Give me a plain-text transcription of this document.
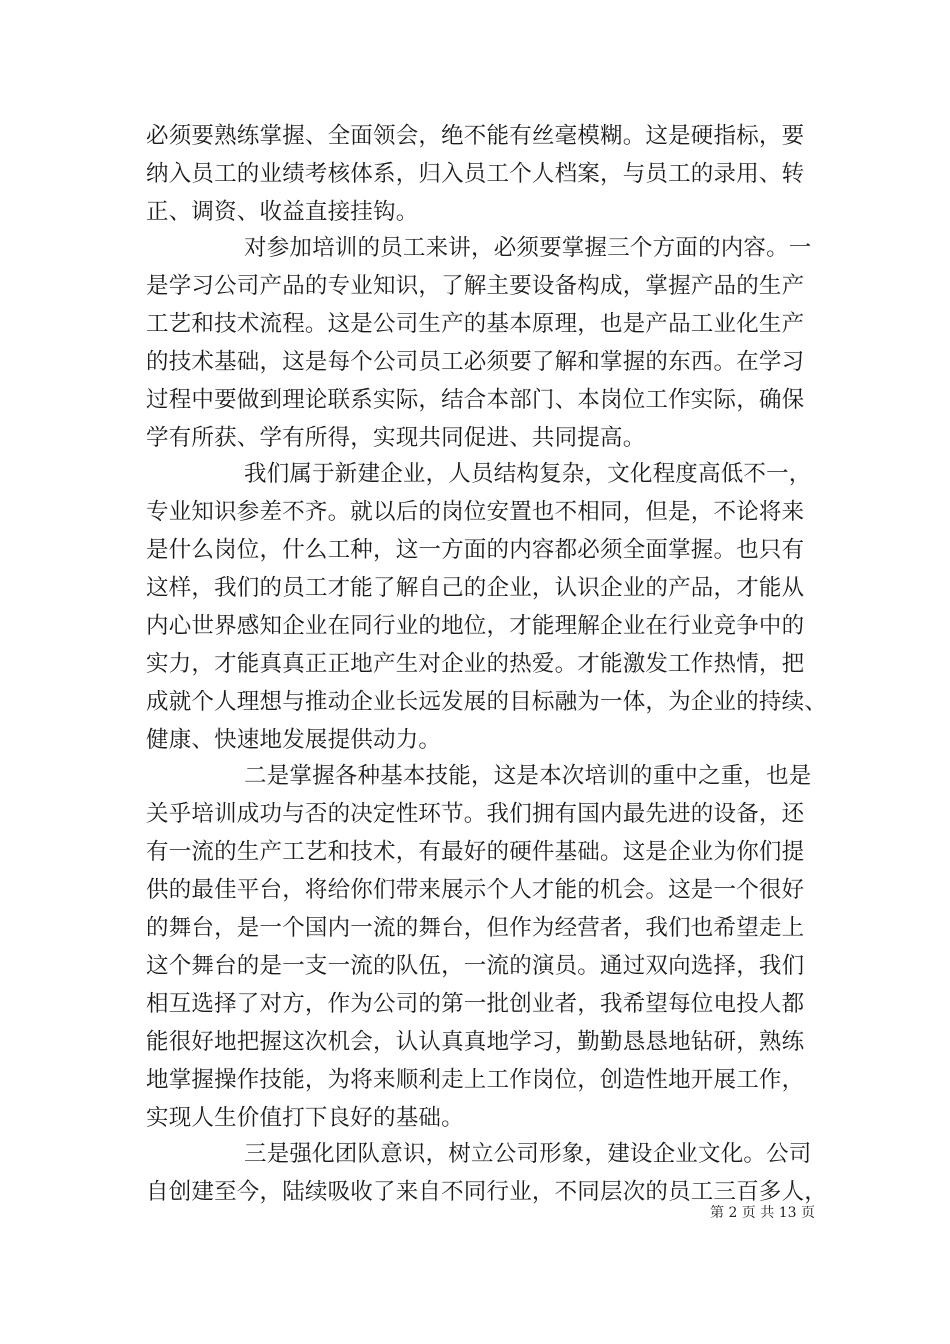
必须要熟练掌握、全面领会，绝不能有丝毫模糊。这是硬指标，要
纳入员工的业绩考核体系，归入员工个人档案，与员工的录用、转
正、调资、收益直接挂钩。
对参加培训的员工来讲，必须要掌握三个方面的内容。一
是学习公司产品的专业知识，了解主要设备构成，掌握产品的生产
工艺和技术流程。这是公司生产的基本原理，也是产品工业化生产
的技术基础，这是每个公司员工必须要了解和掌握的东西。在学习
过程中要做到理论联系实际，结合本部门、本岗位工作实际，确保
学有所获、学有所得，实现共同促进、共同提高。
我们属于新建企业，人员结构复杂，文化程度高低不一，
专业知识参差不齐。就以后的岗位安置也不相同，但是，不论将来
是什么岗位，什么工种，这一方面的内容都必须全面掌握。也只有
这样，我们的员工才能了解自己的企业，认识企业的产品，才能从
内心世界感知企业在同行业的地位，才能理解企业在行业竞争中的
实力，才能真真正正地产生对企业的热爱。才能激发工作热情，把
成就个人理想与推动企业长远发展的目标融为一体，为企业的持续、
健康、快速地发展提供动力。
二是掌握各种基本技能，这是本次培训的重中之重，也是
关乎培训成功与否的决定性环节。我们拥有国内最先进的设备，还
有一流的生产工艺和技术，有最好的硬件基础。这是企业为你们提
供的最佳平台，将给你们带来展示个人才能的机会。这是一个很好
的舞台，是一个国内一流的舞台，但作为经营者，我们也希望走上
这个舞台的是一支一流的队伍，一流的演员。通过双向选择，我们
相互选择了对方，作为公司的第一批创业者，我希望每位电投人都
能很好地把握这次机会，认认真真地学习，勤勤恳恳地钻研，熟练
地掌握操作技能，为将来顺利走上工作岗位，创造性地开展工作，
实现人生价值打下良好的基础。
三是强化团队意识，树立公司形象，建设企业文化。公司
自创建至今，陆续吸收了来自不同行业，不同层次的员工三百多人，
第 2 页 共 13 页
